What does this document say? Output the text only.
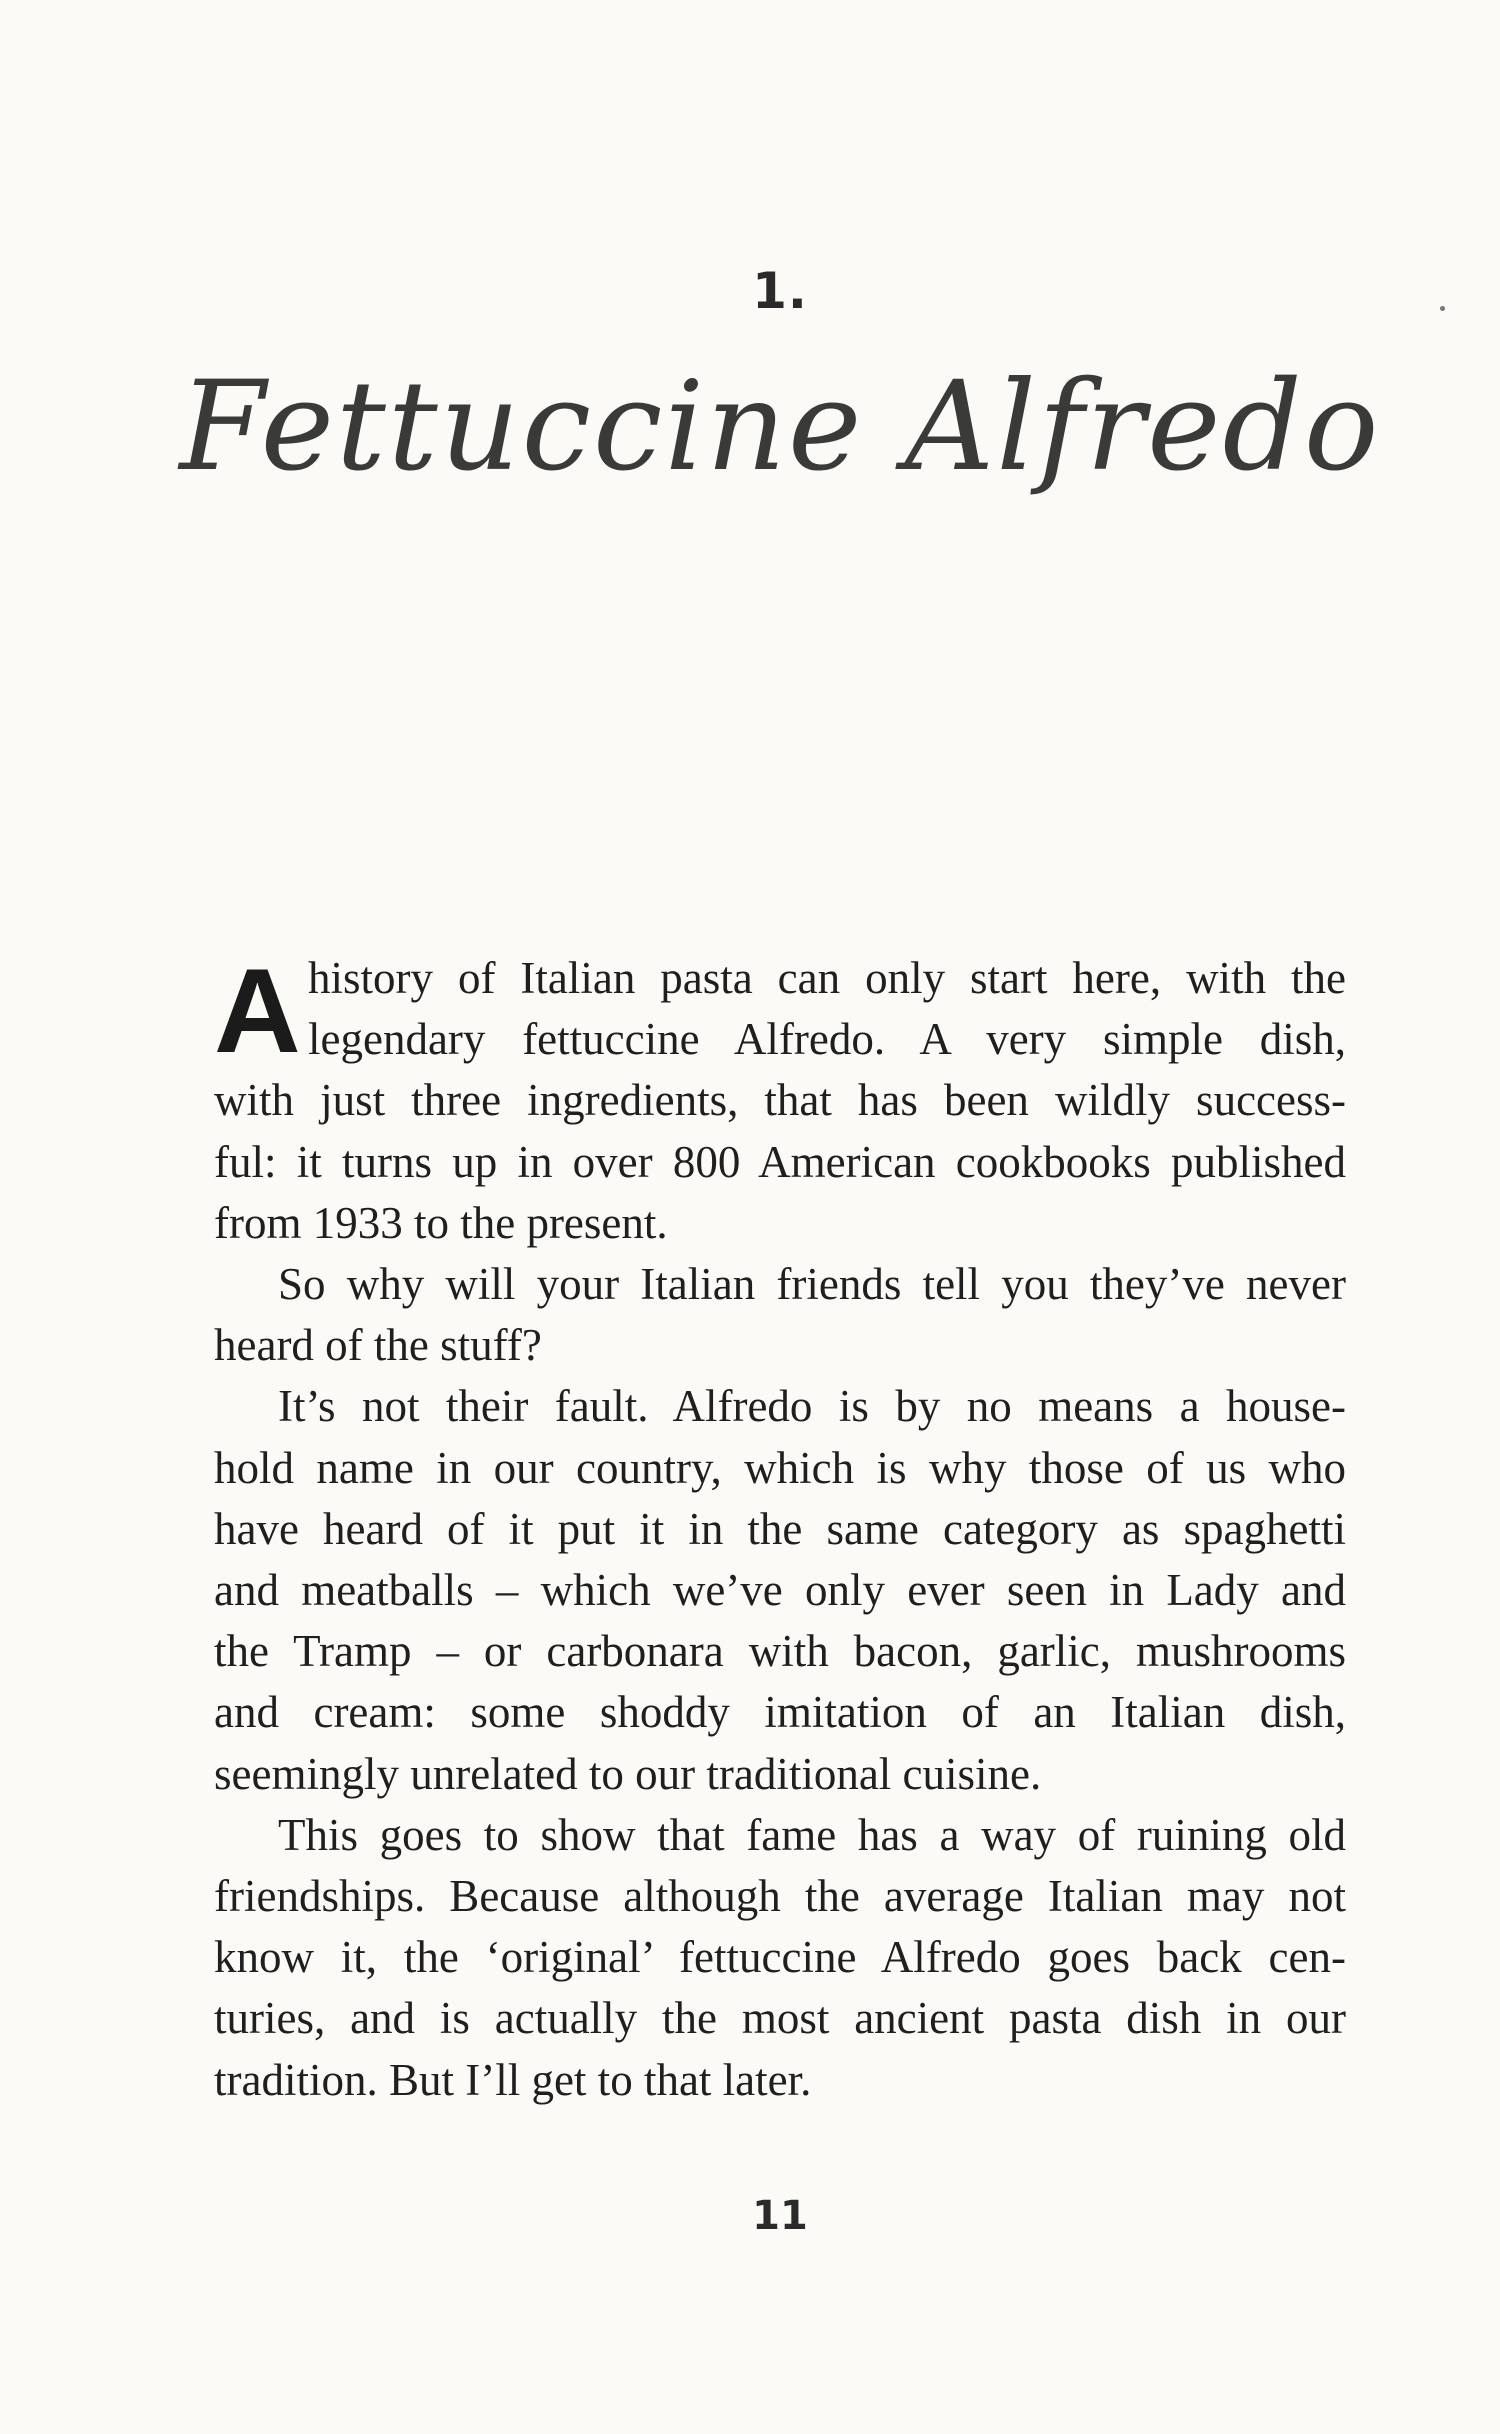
1.
Fettuccine Alfredo
A history of Italian pasta can only start here, with the
legendary fettuccine Alfredo. A very simple dish,
with just three ingredients, that has been wildly success-
ful: it turns up in over 800 American cookbooks published
from 1933 to the present.

So why will your Italian friends tell you they’ve never
heard of the stuff?

It’s not their fault. Alfredo is by no means a house-
hold name in our country, which is why those of us who
have heard of it put it in the same category as spaghetti
and meatballs – which we’ve only ever seen in Lady and
the Tramp – or carbonara with bacon, garlic, mushrooms
and cream: some shoddy imitation of an Italian dish,
seemingly unrelated to our traditional cuisine.

This goes to show that fame has a way of ruining old
friendships. Because although the average Italian may not
know it, the ‘original’ fettuccine Alfredo goes back cen-
turies, and is actually the most ancient pasta dish in our
tradition. But I’ll get to that later.

11
